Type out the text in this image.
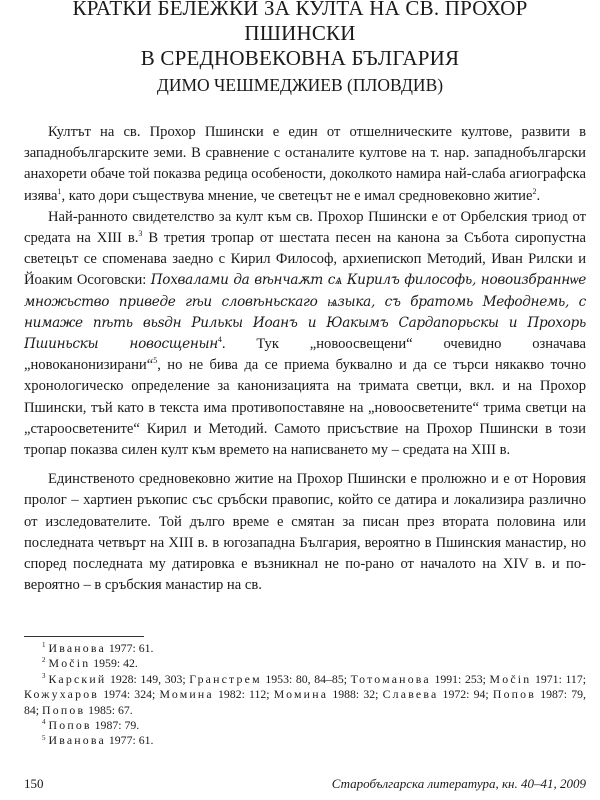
КРАТКИ БЕЛЕЖКИ ЗА КУЛТА НА СВ. ПРОХОР ПШИНСКИ
В СРЕДНОВЕКОВНА БЪЛГАРИЯ
ДИМО ЧЕШМЕДЖИЕВ (ПЛОВДИВ)

Култът на св. Прохор Пшински е един от отшелническите култове, развити в западнобългарските земи. В сравнение с останалите култове на т. нар. западнобългарски анахорети обаче той показва редица особености, доколкото намира най-слаба агиографска изява$^1$, като дори съществува мнение, че светецът не е имал средновековно житие$^2$.

Най-ранното свидетелство за култ към св. Прохор Пшински е от Орбелския триод от средата на XIII в.$^3$ В третия тропар от шестата песен на канона за Събота сиропустна светецът се споменава заедно с Кирил Философ, архиепископ Методий, Иван Рилски и Йоаким Осоговски: Похвалами да вѣнчаѫт сѧ Кирилъ философь, новоизбраннѡе множьство приведе гѣи словѣньскаго ѩзыка, съ братомь Мефоднемь, с нимаже пѣть вьѕдн Рилькы Иоанъ и Юакымъ Сардапорьскы и Прохорь Пшиньскы новосщенын$^4$. Тук „новоосвещени“ очевидно означава „новоканонизирани“$^5$, но не бива да се приема буквално и да се търси някакво точно хронологическо определение за канонизацията на тримата светци, вкл. и на Прохор Пшински, тъй като в текста има противопоставяне на „новоосветените“ трима светци на „староосветените“ Кирил и Методий. Самото присъствие на Прохор Пшински в този тропар показва силен култ към времето на написването му – средата на XIII в.

Единственото средновековно житие на Прохор Пшински е пролюжно и е от Норовия пролог – хартиен ръкопис със сръбски правопис, който се датира и локализира различно от изследователите. Той дълго време е смятан за писан през втората половина или последната четвърт на XIII в. в югозападна България, вероятно в Пшинския манастир, но според последната му датировка е възникнал не по-рано от началото на XIV в. и по-вероятно – в сръбския манастир на св.

$^1$ Иванова 1977: 61.

$^2$ Močin 1959: 42.

$^3$ Карский 1928: 149, 303; Гранстрем 1953: 80, 84–85; Тотоманова 1991: 253; Močin 1971: 117; Кожухаров 1974: 324; Момина 1982: 112; Момина 1988: 32; Славева 1972: 94; Попов 1987: 79, 84; Попов 1985: 67.

$^4$ Попов 1987: 79.

$^5$ Иванова 1977: 61.

150	Старобългарска литература, кн. 40–41, 2009
